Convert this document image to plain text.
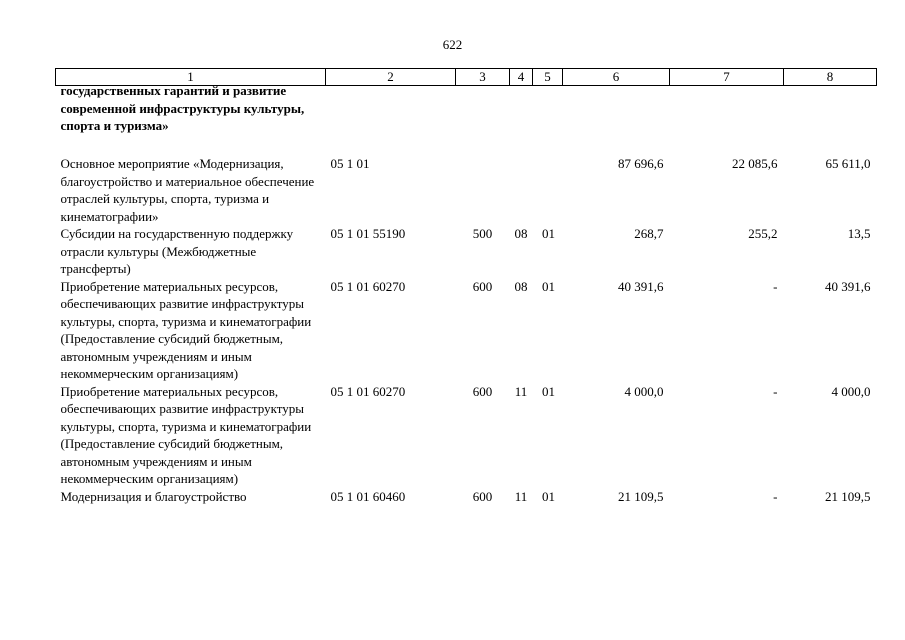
622
1	2	3	4	5	6	7	8

государственных гарантий и развитие современной инфраструктуры культуры, спорта и туризма»							

Основное мероприятие «Модернизация, благоустройство и материальное обеспечение отраслей культуры, спорта, туризма и кинематографии»	05 1 01				87 696,6	22 085,6	65 611,0
Субсидии на государственную поддержку отрасли культуры (Межбюджетные трансферты)	05 1 01 55190	500	08	01	268,7	255,2	13,5
Приобретение материальных ресурсов, обеспечивающих развитие инфраструктуры культуры, спорта, туризма и кинематографии (Предоставление субсидий бюджетным, автономным учреждениям и иным некоммерческим организациям)	05 1 01 60270	600	08	01	40 391,6	-	40 391,6
Приобретение материальных ресурсов, обеспечивающих развитие инфраструктуры культуры, спорта, туризма и кинематографии (Предоставление субсидий бюджетным, автономным учреждениям и иным некоммерческим организациям)	05 1 01 60270	600	11	01	4 000,0	-	4 000,0
Модернизация и благоустройство	05 1 01 60460	600	11	01	21 109,5	-	21 109,5
